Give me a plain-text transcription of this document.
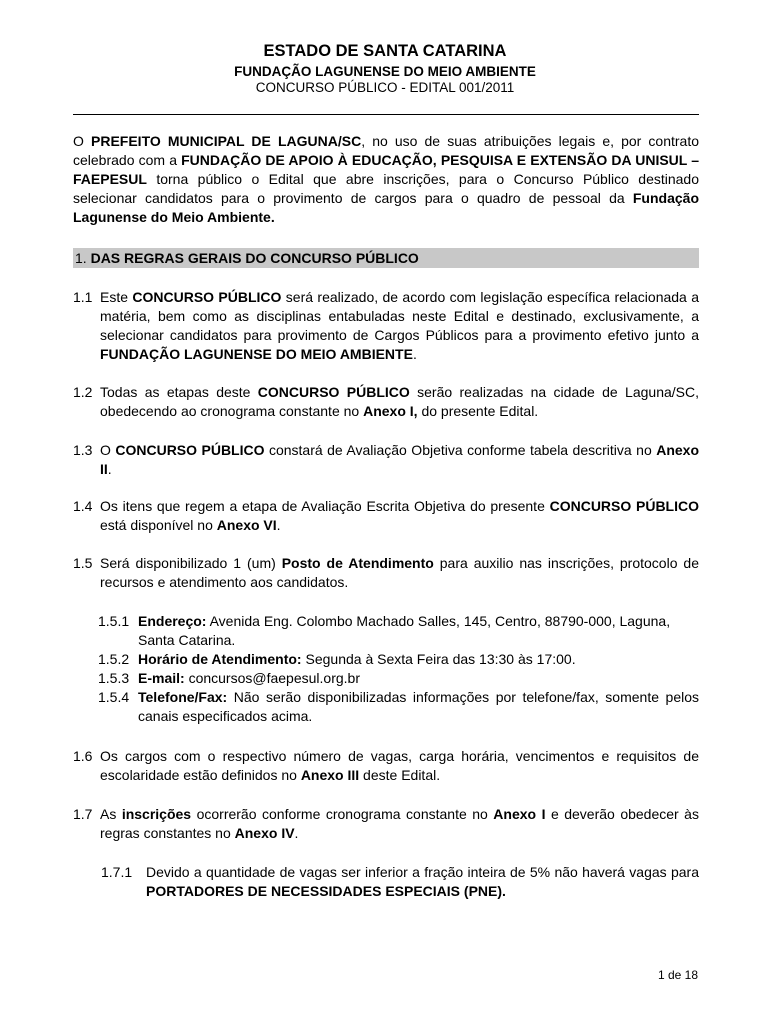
ESTADO DE SANTA CATARINA
FUNDAÇÃO LAGUNENSE DO MEIO AMBIENTE
CONCURSO PÚBLICO - EDITAL 001/2011
O PREFEITO MUNICIPAL DE LAGUNA/SC, no uso de suas atribuições legais e, por contrato celebrado com a FUNDAÇÃO DE APOIO À EDUCAÇÃO, PESQUISA E EXTENSÃO DA UNISUL – FAEPESUL torna público o Edital que abre inscrições, para o Concurso Público destinado selecionar candidatos para o provimento de cargos para o quadro de pessoal da Fundação Lagunense do Meio Ambiente.
1. DAS REGRAS GERAIS DO CONCURSO PÚBLICO
1.1 Este CONCURSO PÚBLICO será realizado, de acordo com legislação específica relacionada a matéria, bem como as disciplinas entabuladas neste Edital e destinado, exclusivamente, a selecionar candidatos para provimento de Cargos Públicos para a provimento efetivo junto a FUNDAÇÃO LAGUNENSE DO MEIO AMBIENTE.
1.2 Todas as etapas deste CONCURSO PÚBLICO serão realizadas na cidade de Laguna/SC, obedecendo ao cronograma constante no Anexo I, do presente Edital.
1.3 O CONCURSO PÚBLICO constará de Avaliação Objetiva conforme tabela descritiva no Anexo II.
1.4 Os itens que regem a etapa de Avaliação Escrita Objetiva do presente CONCURSO PÚBLICO está disponível no Anexo VI.
1.5 Será disponibilizado 1 (um) Posto de Atendimento para auxilio nas inscrições, protocolo de recursos e atendimento aos candidatos.
1.5.1 Endereço: Avenida Eng. Colombo Machado Salles, 145, Centro, 88790-000, Laguna, Santa Catarina.
1.5.2 Horário de Atendimento: Segunda à Sexta Feira das 13:30 às 17:00.
1.5.3 E-mail: concursos@faepesul.org.br
1.5.4 Telefone/Fax: Não serão disponibilizadas informações por telefone/fax, somente pelos canais especificados acima.
1.6 Os cargos com o respectivo número de vagas, carga horária, vencimentos e requisitos de escolaridade estão definidos no Anexo III deste Edital.
1.7 As inscrições ocorrerão conforme cronograma constante no Anexo I e deverão obedecer às regras constantes no Anexo IV.
1.7.1 Devido a quantidade de vagas ser inferior a fração inteira de 5% não haverá vagas para PORTADORES DE NECESSIDADES ESPECIAIS (PNE).
1 de 18
